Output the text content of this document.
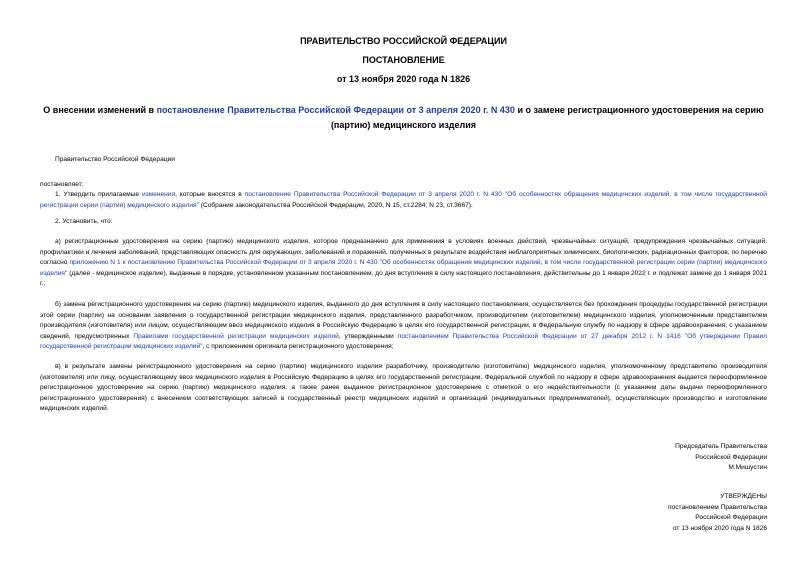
ПРАВИТЕЛЬСТВО РОССИЙСКОЙ ФЕДЕРАЦИИ
ПОСТАНОВЛЕНИЕ
от 13 ноября 2020 года N 1826
О внесении изменений в постановление Правительства Российской Федерации от 3 апреля 2020 г. N 430 и о замене регистрационного удостоверения на серию (партию) медицинского изделия
Правительство Российской Федерации
постановляет:
1. Утвердить прилагаемые изменения, которые вносятся в постановление Правительства Российской Федерации от 3 апреля 2020 г. N 430 "Об особенностях обращения медицинских изделий, в том числе государственной регистрации серии (партии) медицинского изделия" (Собрание законодательства Российской Федерации, 2020, N 15, ст.2284; N 23, ст.3667).
2. Установить, что:
а) регистрационные удостоверения на серию (партию) медицинского изделия, которое предназначено для применения в условиях военных действий, чрезвычайных ситуаций, предупреждения чрезвычайных ситуаций, профилактики и лечения заболеваний, представляющих опасность для окружающих, заболеваний и поражений, полученных в результате воздействия неблагоприятных химических, биологических, радиационных факторов, по перечню согласно приложению N 1 к постановлению Правительства Российской Федерации от 3 апреля 2020 г. N 430 "Об особенностях обращения медицинских изделий, в том числе государственной регистрации серии (партии) медицинского изделия" (далее - медицинское изделие), выданные в порядке, установленном указанным постановлением, до дня вступления в силу настоящего постановления, действительны до 1 января 2022 г. и подлежат замене до 1 января 2021 г.;
б) замена регистрационного удостоверения на серию (партию) медицинского изделия, выданного до дня вступления в силу настоящего постановления, осуществляется без прохождения процедуры государственной регистрации этой серии (партии) на основании заявления о государственной регистрации медицинского изделия, представленного разработчиком, производителем (изготовителем) медицинского изделия, уполномоченным представителем производителя (изготовителя) или лицом, осуществляющим ввоз медицинского изделия в Российскую Федерацию в целях его государственной регистрации, в Федеральную службу по надзору в сфере здравоохранения, с указанием сведений, предусмотренных Правилами государственной регистрации медицинских изделий, утвержденными постановлением Правительства Российской Федерации от 27 декабря 2012 г. N 1416 "Об утверждении Правил государственной регистрации медицинских изделий", с приложением оригинала регистрационного удостоверения;
в) в результате замены регистрационного удостоверения на серию (партию) медицинского изделия разработчику, производителю (изготовителю) медицинского изделия, уполномоченному представителю производителя (изготовителя) или лицу, осуществляющему ввоз медицинского изделия в Российскую Федерацию в целях его государственной регистрации, Федеральной службой по надзору в сфере здравоохранения выдается переоформленное регистрационное удостоверение на серию (партию) медицинского изделия, а также ранее выданное регистрационное удостоверение с отметкой о его недействительности (с указанием даты выдачи переоформленного регистрационного удостоверения) с внесением соответствующих записей в государственный реестр медицинских изделий и организаций (индивидуальных предпринимателей), осуществляющих производство и изготовление медицинских изделий.
Председатель Правительства
Российской Федерации
М.Мишустин
УТВЕРЖДЕНЫ
постановлением Правительства
Российской Федерации
от 13 ноября 2020 года N 1826
